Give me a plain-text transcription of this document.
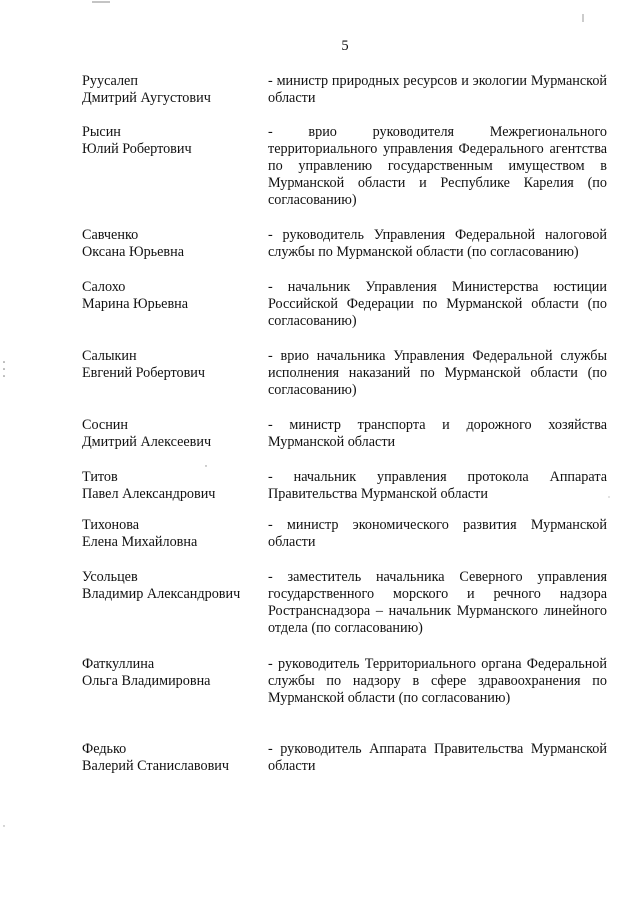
5
Руусалеп
Дмитрий Аугустович
- министр природных ресурсов и экологии Мурманской области
Рысин
Юлий Робертович
- врио руководителя Межрегионального территориального управления Федерального агентства по управлению государственным имуществом в Мурманской области и Республике Карелия (по согласованию)
Савченко
Оксана Юрьевна
- руководитель Управления Федеральной налоговой службы по Мурманской области (по согласованию)
Салохо
Марина Юрьевна
- начальник Управления Министерства юстиции Российской Федерации по Мурманской области (по согласованию)
Салыкин
Евгений Робертович
- врио начальника Управления Федеральной службы исполнения наказаний по Мурманской области (по согласованию)
Соснин
Дмитрий Алексеевич
- министр транспорта и дорожного хозяйства Мурманской области
Титов
Павел Александрович
- начальник управления протокола Аппарата Правительства Мурманской области
Тихонова
Елена Михайловна
- министр экономического развития Мурманской области
Усольцев
Владимир Александрович
- заместитель начальника Северного управления государственного морского и речного надзора Ространснадзора – начальник Мурманского линейного отдела (по согласованию)
Фаткуллина
Ольга Владимировна
- руководитель Территориального органа Федеральной службы по надзору в сфере здравоохранения по Мурманской области (по согласованию)
Федько
Валерий Станиславович
- руководитель Аппарата Правительства Мурманской области
